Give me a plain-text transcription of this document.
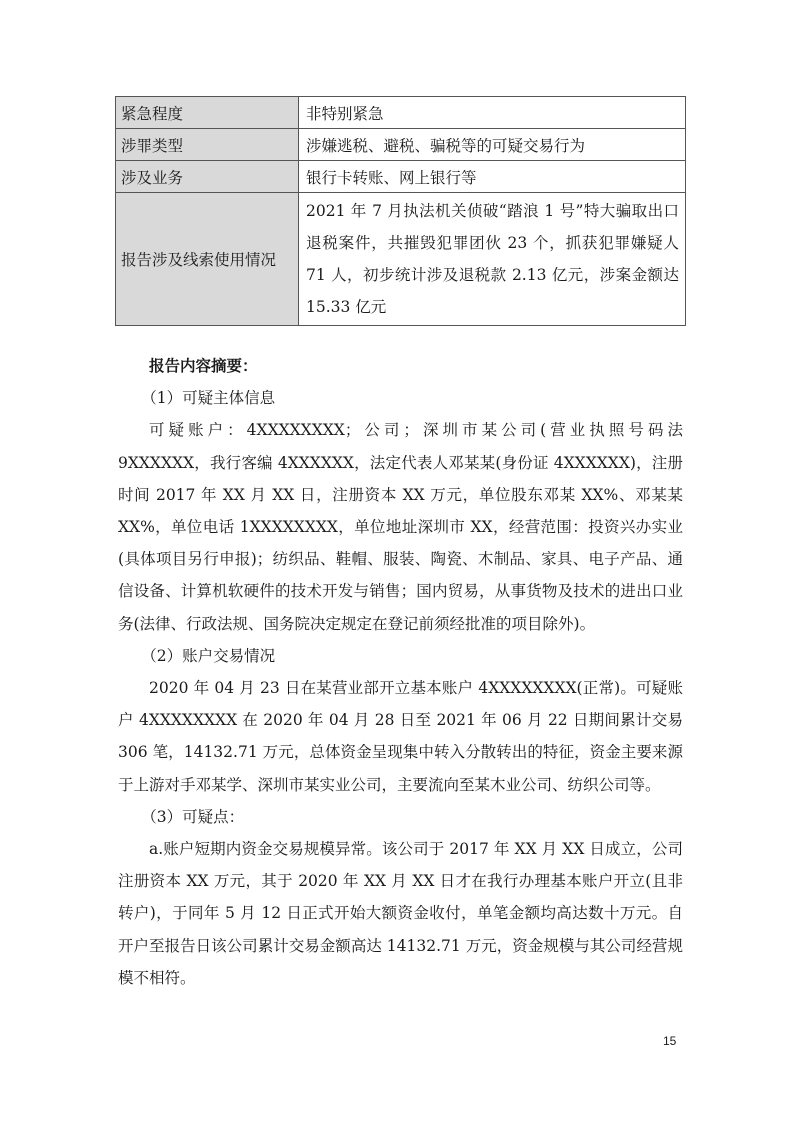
紧急程度	非特别紧急
涉罪类型	涉嫌逃税、避税、骗税等的可疑交易行为
涉及业务	银行卡转账、网上银行等
报告涉及线索使用情况	2021 年 7 月执法机关侦破“踏浪 1 号”特大骗取出口退税案件，共摧毁犯罪团伙 23 个，抓获犯罪嫌疑人 71 人，初步统计涉及退税款 2.13 亿元，涉案金额达 15.33 亿元

报告内容摘要：

（1）可疑主体信息

可疑账户：4XXXXXXXX；公司；深圳市某公司(营业执照号码法 9XXXXXX，我行客编 4XXXXXX，法定代表人邓某某(身份证 4XXXXXX)，注册时间 2017 年 XX 月 XX 日，注册资本 XX 万元，单位股东邓某 XX%、邓某某 XX%，单位电话 1XXXXXXXX，单位地址深圳市 XX，经营范围：投资兴办实业(具体项目另行申报)；纺织品、鞋帽、服装、陶瓷、木制品、家具、电子产品、通信设备、计算机软硬件的技术开发与销售；国内贸易，从事货物及技术的进出口业务(法律、行政法规、国务院决定规定在登记前须经批准的项目除外)。

（2）账户交易情况

2020 年 04 月 23 日在某营业部开立基本账户 4XXXXXXXX(正常)。可疑账户 4XXXXXXXX 在 2020 年 04 月 28 日至 2021 年 06 月 22 日期间累计交易 306 笔，14132.71 万元，总体资金呈现集中转入分散转出的特征，资金主要来源于上游对手邓某学、深圳市某实业公司，主要流向至某木业公司、纺织公司等。

（3）可疑点：

a.账户短期内资金交易规模异常。该公司于 2017 年 XX 月 XX 日成立，公司注册资本 XX 万元，其于 2020 年 XX 月 XX 日才在我行办理基本账户开立(且非转户)，于同年 5 月 12 日正式开始大额资金收付，单笔金额均高达数十万元。自开户至报告日该公司累计交易金额高达 14132.71 万元，资金规模与其公司经营规模不相符。

15
